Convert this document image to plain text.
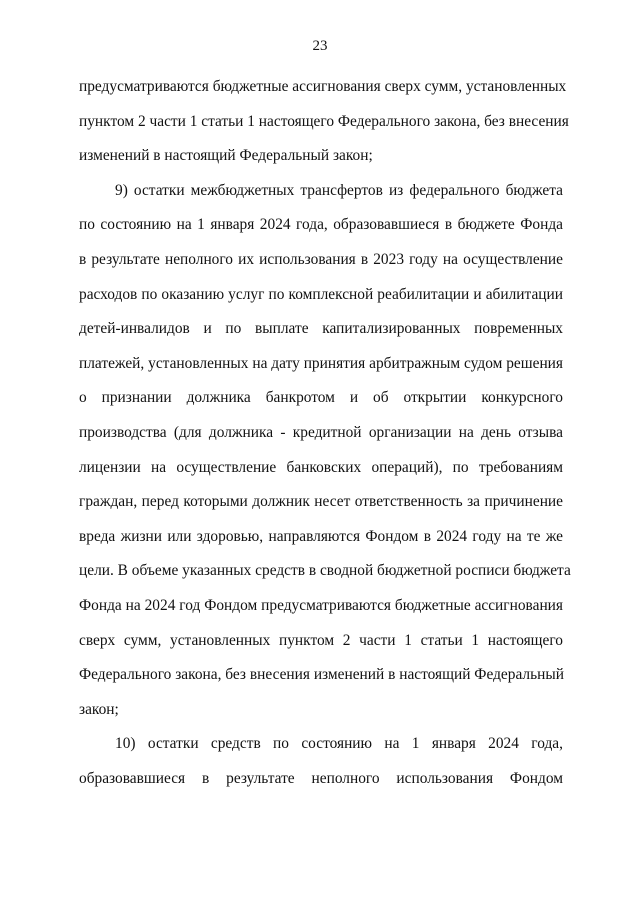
23

предусматриваются бюджетные ассигнования сверх сумм, установленных
пунктом 2 части 1 статьи 1 настоящего Федерального закона, без внесения
изменений в настоящий Федеральный закон;

9) остатки межбюджетных трансфертов из федерального бюджета
по состоянию на 1 января 2024 года, образовавшиеся в бюджете Фонда
в результате неполного их использования в 2023 году на осуществление
расходов по оказанию услуг по комплексной реабилитации и абилитации
детей-инвалидов и по выплате капитализированных повременных
платежей, установленных на дату принятия арбитражным судом решения
о признании должника банкротом и об открытии конкурсного
производства (для должника - кредитной организации на день отзыва
лицензии на осуществление банковских операций), по требованиям
граждан, перед которыми должник несет ответственность за причинение
вреда жизни или здоровью, направляются Фондом в 2024 году на те же
цели. В объеме указанных средств в сводной бюджетной росписи бюджета
Фонда на 2024 год Фондом предусматриваются бюджетные ассигнования
сверх сумм, установленных пунктом 2 части 1 статьи 1 настоящего
Федерального закона, без внесения изменений в настоящий Федеральный
закон;

10) остатки средств по состоянию на 1 января 2024 года,
образовавшиеся в результате неполного использования Фондом
